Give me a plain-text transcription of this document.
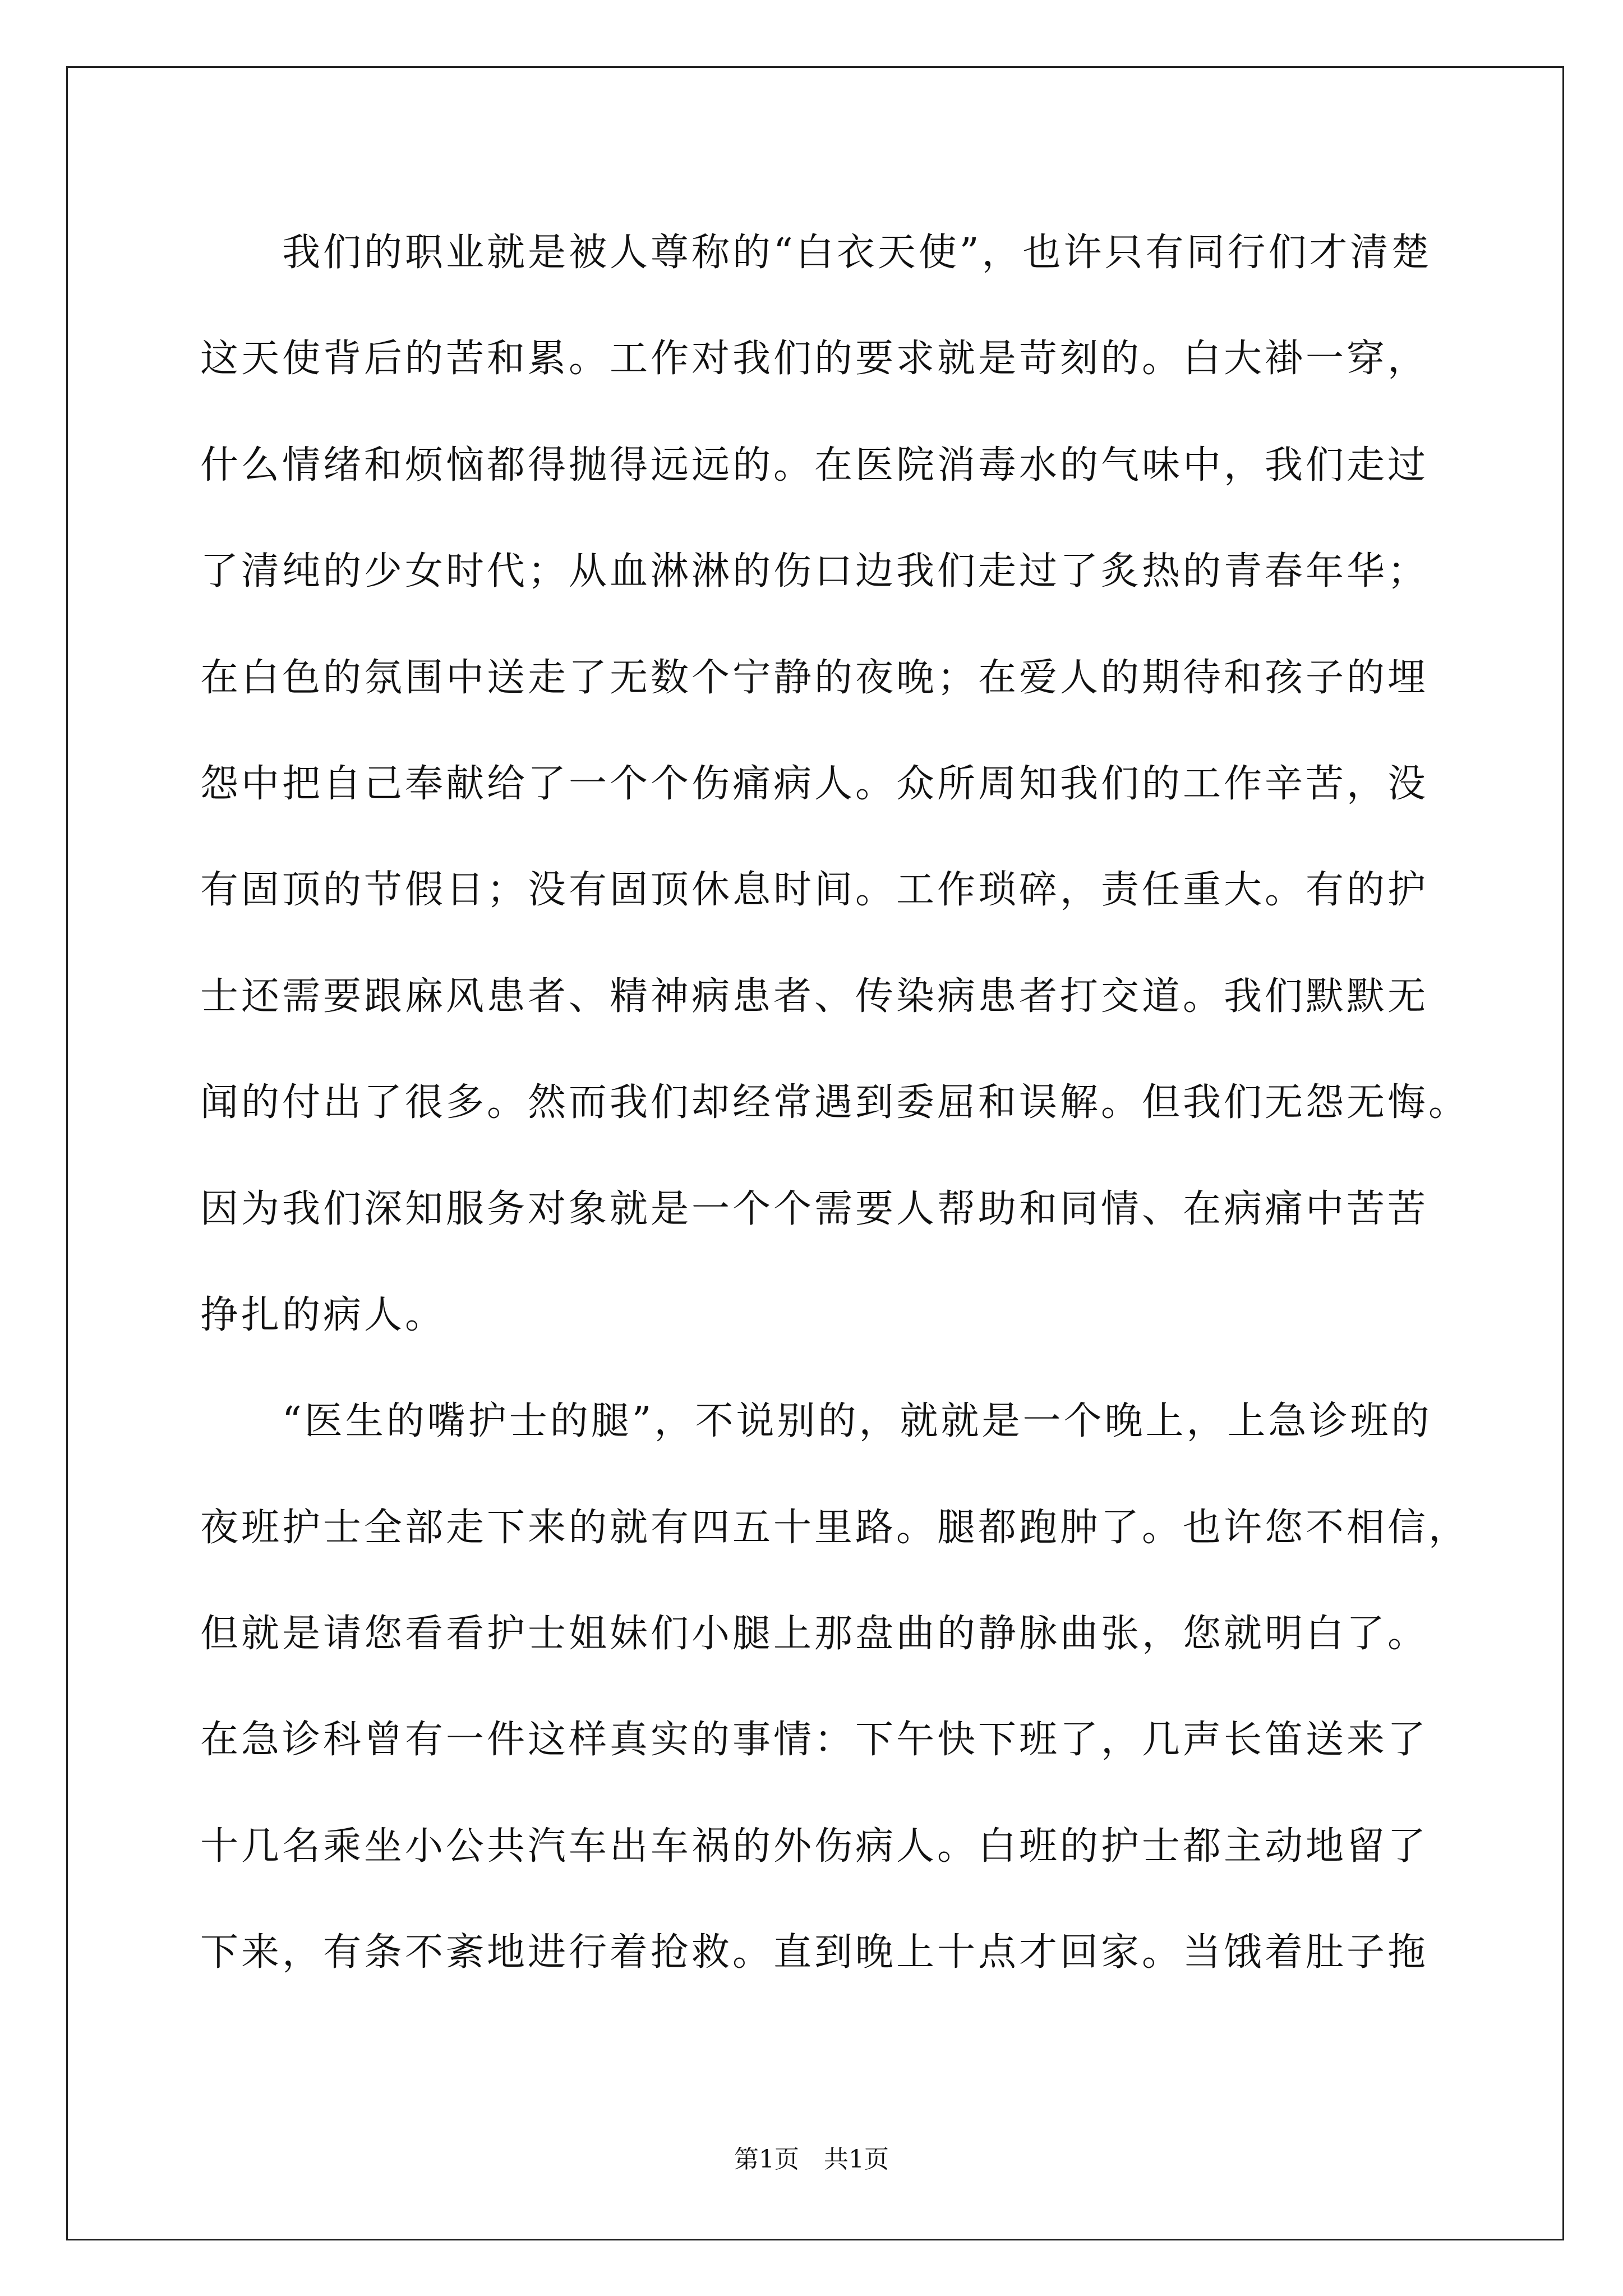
我们的职业就是被人尊称的“白衣天使”，也许只有同行们才清楚
这天使背后的苦和累。工作对我们的要求就是苛刻的。白大褂一穿，
什么情绪和烦恼都得抛得远远的。在医院消毒水的气味中，我们走过
了清纯的少女时代；从血淋淋的伤口边我们走过了炙热的青春年华；
在白色的氛围中送走了无数个宁静的夜晚；在爱人的期待和孩子的埋
怨中把自己奉献给了一个个伤痛病人。众所周知我们的工作辛苦，没
有固顶的节假日；没有固顶休息时间。工作琐碎，责任重大。有的护
士还需要跟麻风患者、精神病患者、传染病患者打交道。我们默默无
闻的付出了很多。然而我们却经常遇到委屈和误解。但我们无怨无悔。
因为我们深知服务对象就是一个个需要人帮助和同情、在病痛中苦苦
挣扎的病人。
“医生的嘴护士的腿”，不说别的，就就是一个晚上，上急诊班的
夜班护士全部走下来的就有四五十里路。腿都跑肿了。也许您不相信，
但就是请您看看护士姐妹们小腿上那盘曲的静脉曲张，您就明白了。
在急诊科曾有一件这样真实的事情：下午快下班了，几声长笛送来了
十几名乘坐小公共汽车出车祸的外伤病人。白班的护士都主动地留了
下来，有条不紊地进行着抢救。直到晚上十点才回家。当饿着肚子拖
第1页 共1页
